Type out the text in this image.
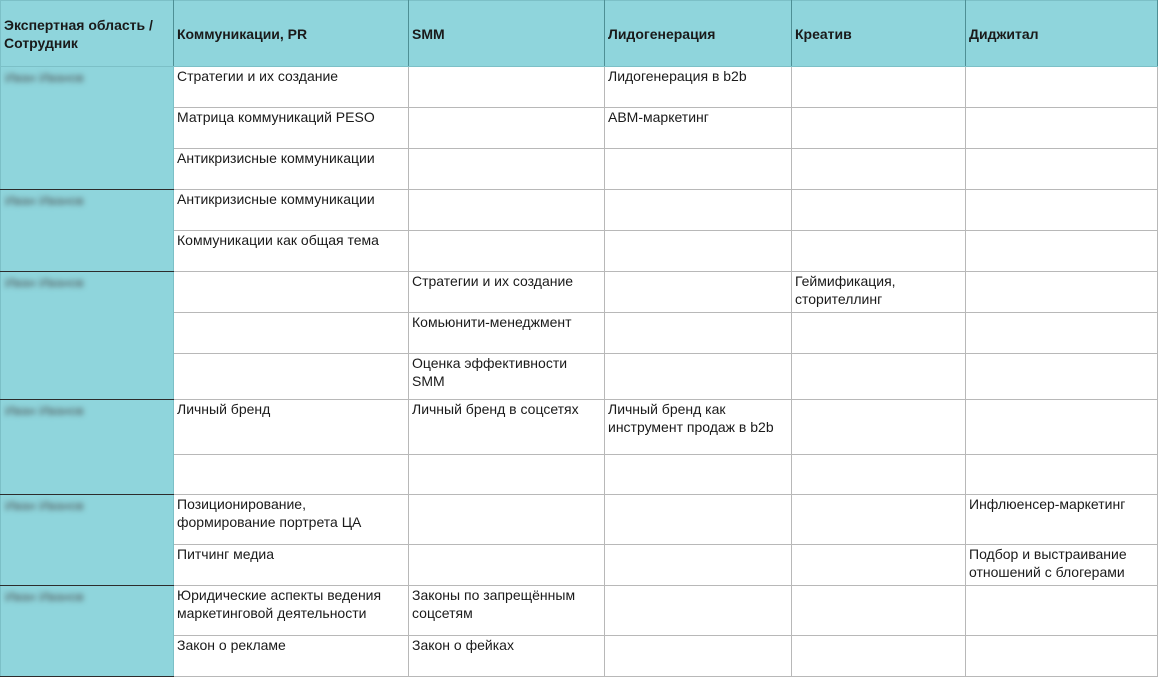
Экспертная область / Сотрудник	Коммуникации, PR	SMM	Лидогенерация	Креатив	Диджитал

Иван Иванов	Стратегии и их создание		Лидогенерация в b2b		
	Матрица коммуникаций PESO		ABM-маркетинг		
	Антикризисные коммуникации				

Иван Иванов	Антикризисные коммуникации				
	Коммуникации как общая тема				

Иван Иванов		Стратегии и их создание		Геймификация, сторителлинг	
		Комьюнити-менеджмент			
		Оценка эффективности SMM			

Иван Иванов	Личный бренд	Личный бренд в соцсетях	Личный бренд как инструмент продаж в b2b		

Иван Иванов	Позиционирование, формирование портрета ЦА				Инфлюенсер-маркетинг
	Питчинг медиа				Подбор и выстраивание отношений с блогерами

Иван Иванов	Юридические аспекты ведения маркетинговой деятельности	Законы по запрещённым соцсетям			
	Закон о рекламе	Закон о фейках			
